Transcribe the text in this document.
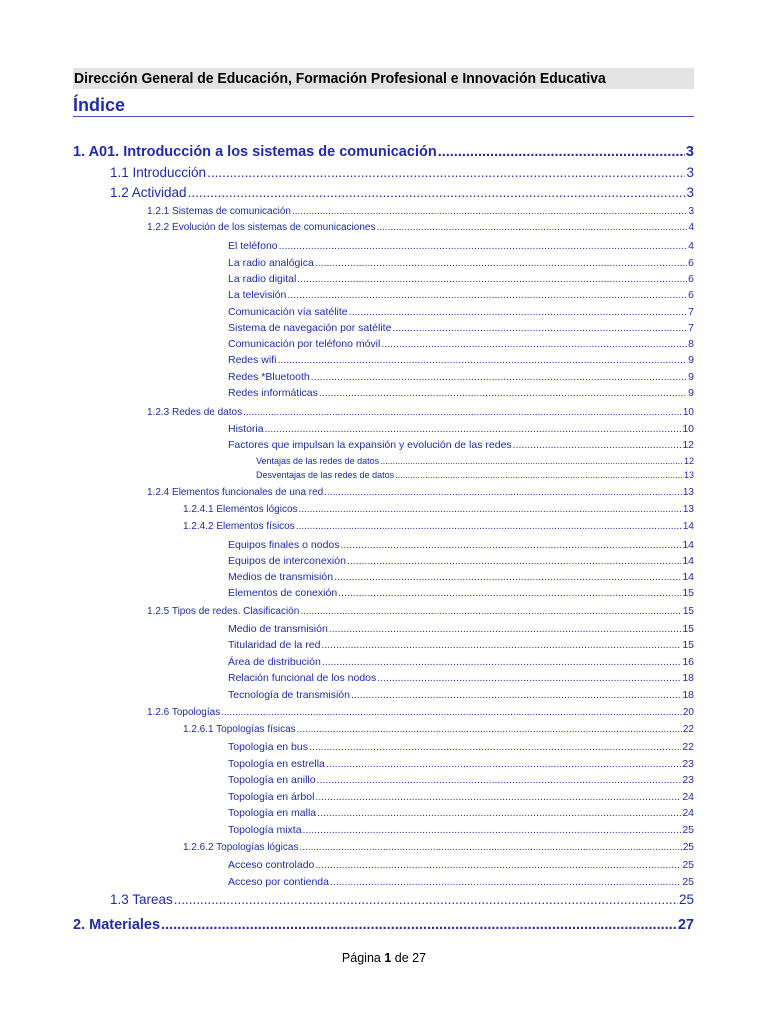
Dirección General de Educación, Formación Profesional e Innovación Educativa
Índice
1. A01. Introducción a los sistemas de comunicación .....	3
1.1 Introducción .....	3
1.2 Actividad .....	3
1.2.1 Sistemas de comunicación .....	3
1.2.2 Evolución de los sistemas de comunicaciones .....	4
El teléfono .....	4
La radio analógica .....	6
La radio digital .....	6
La televisión .....	6
Comunicación vía satélite .....	7
Sistema de navegación por satélite .....	7
Comunicación por teléfono móvil .....	8
Redes wifi .....	9
Redes *Bluetooth .....	9
Redes informáticas .....	9
1.2.3 Redes de datos .....	10
Historia .....	10
Factores que impulsan la expansión y evolución de las redes .....	12
Ventajas de las redes de datos .....	12
Desventajas de las redes de datos .....	13
1.2.4 Elementos funcionales de una red .....	13
1.2.4.1 Elementos lógicos .....	13
1.2.4.2 Elementos físicos .....	14
Equipos finales o nodos .....	14
Equipos de interconexión .....	14
Medios de transmisión .....	14
Elementos de conexión .....	15
1.2.5 Tipos de redes. Clasificación .....	15
Medio de transmisión .....	15
Titularidad de la red .....	15
Área de distribución .....	16
Relación funcional de los nodos .....	18
Tecnología de transmisión .....	18
1.2.6 Topologías .....	20
1.2.6.1 Topologías físicas .....	22
Topología en bus .....	22
Topología en estrella .....	23
Topología en anillo .....	23
Topología en árbol .....	24
Topología en malla .....	24
Topología mixta .....	25
1.2.6.2 Topologías lógicas .....	25
Acceso controlado .....	25
Acceso por contienda .....	25
1.3 Tareas .....	25
2. Materiales .....	27
Página 1 de 27
